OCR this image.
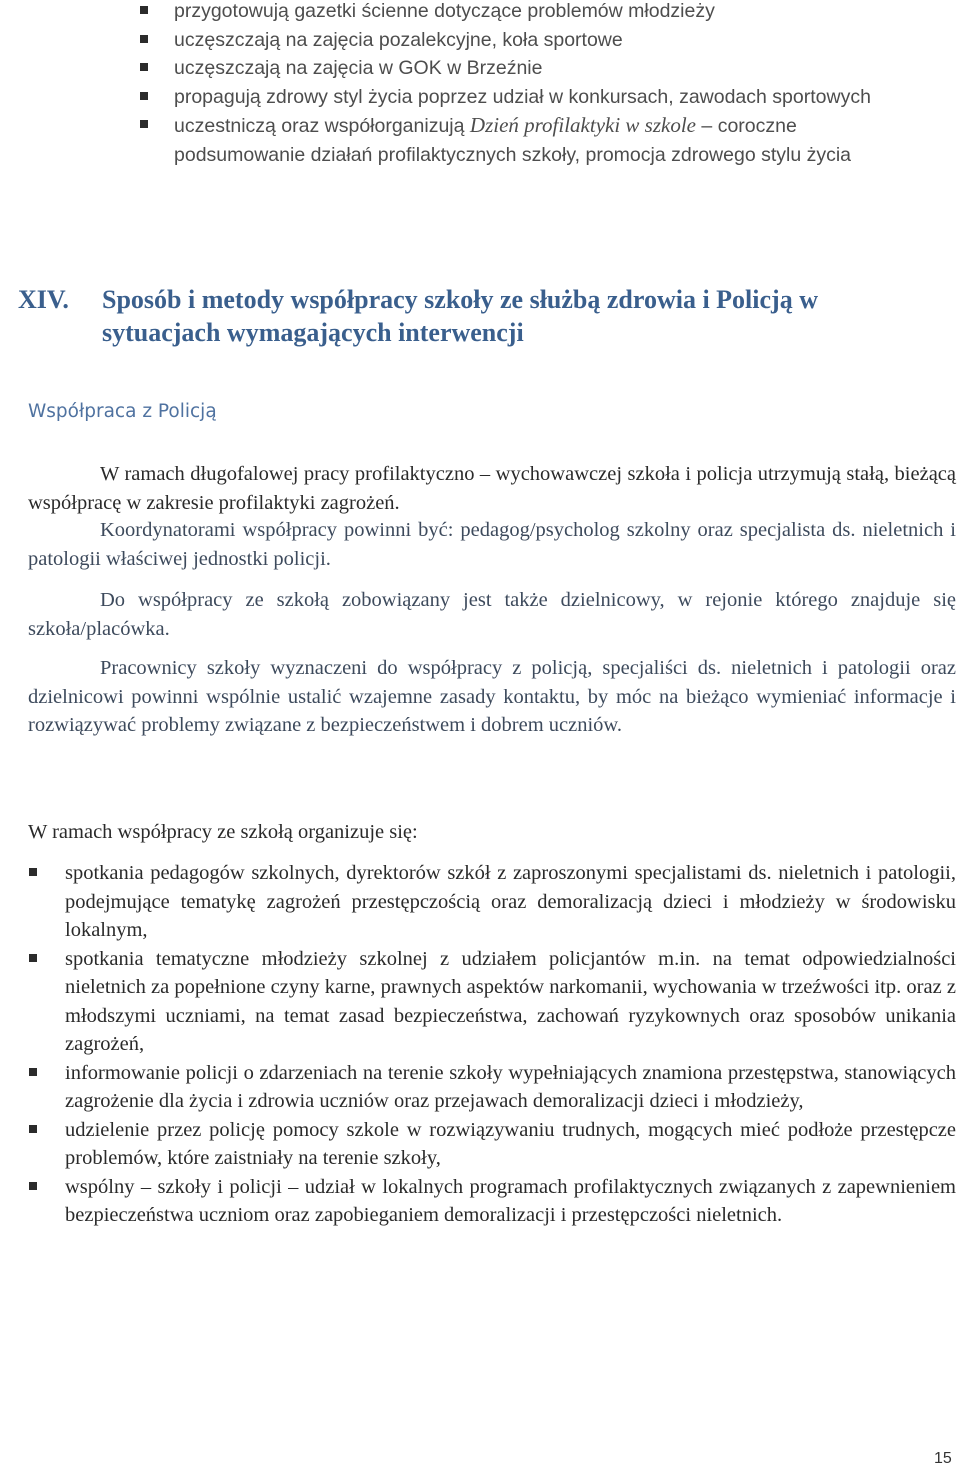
przygotowują gazetki ścienne dotyczące problemów młodzieży
uczęszczają na zajęcia pozalekcyjne, koła sportowe
uczęszczają na zajęcia w GOK w Brzeźnie
propagują zdrowy styl życia poprzez udział w konkursach, zawodach sportowych
uczestniczą oraz współorganizują Dzień profilaktyki w szkole – coroczne podsumowanie działań profilaktycznych szkoły, promocja zdrowego stylu życia
XIV. Sposób i metody współpracy szkoły ze służbą zdrowia i Policją w sytuacjach wymagających interwencji
Współpraca z Policją

W ramach długofalowej pracy profilaktyczno – wychowawczej szkoła i policja utrzymują stałą, bieżącą współpracę w zakresie profilaktyki zagrożeń.

Koordynatorami współpracy powinni być: pedagog/psycholog szkolny oraz specjalista ds. nieletnich i patologii właściwej jednostki policji.

Do współpracy ze szkołą zobowiązany jest także dzielnicowy, w rejonie którego znajduje się szkoła/placówka.

Pracownicy szkoły wyznaczeni do współpracy z policją, specjaliści ds. nieletnich i patologii oraz dzielnicowi powinni wspólnie ustalić wzajemne zasady kontaktu, by móc na bieżąco wymieniać informacje i rozwiązywać problemy związane z bezpieczeństwem i dobrem uczniów.

W ramach współpracy ze szkołą organizuje się:

spotkania pedagogów szkolnych, dyrektorów szkół z zaproszonymi specjalistami ds. nieletnich i patologii, podejmujące tematykę zagrożeń przestępczością oraz demoralizacją dzieci i młodzieży w środowisku lokalnym,
spotkania tematyczne młodzieży szkolnej z udziałem policjantów m.in. na temat odpowiedzialności nieletnich za popełnione czyny karne, prawnych aspektów narkomanii, wychowania w trzeźwości itp. oraz z młodszymi uczniami, na temat zasad bezpieczeństwa, zachowań ryzykownych oraz sposobów unikania zagrożeń,
informowanie policji o zdarzeniach na terenie szkoły wypełniających znamiona przestępstwa, stanowiących zagrożenie dla życia i zdrowia uczniów oraz przejawach demoralizacji dzieci i młodzieży,
udzielenie przez policję pomocy szkole w rozwiązywaniu trudnych, mogących mieć podłoże przestępcze problemów, które zaistniały na terenie szkoły,
wspólny – szkoły i policji – udział w lokalnych programach profilaktycznych związanych z zapewnieniem bezpieczeństwa uczniom oraz zapobieganiem demoralizacji i przestępczości nieletnich.
15
